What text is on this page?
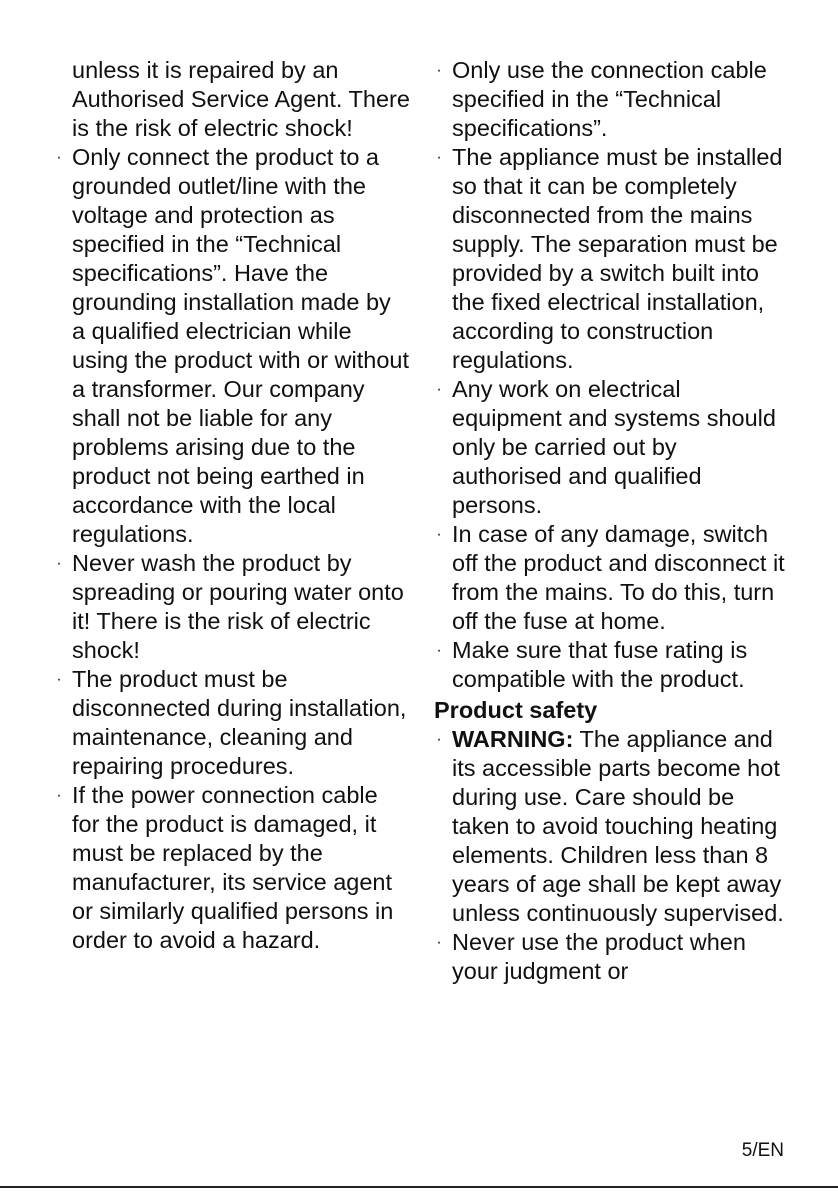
unless it is repaired by an Authorised Service Agent. There is the risk of electric shock!
· Only connect the product to a grounded outlet/line with the voltage and protection as specified in the “Technical specifications”. Have the grounding installation made by a qualified electrician while using the product with or without a transformer. Our company shall not be liable for any problems arising due to the product not being earthed in accordance with the local regulations.
· Never wash the product by spreading or pouring water onto it! There is the risk of electric shock!
· The product must be disconnected during installation, maintenance, cleaning and repairing procedures.
· If the power connection cable for the product is damaged, it must be replaced by the manufacturer, its service agent or similarly qualified persons in order to avoid a hazard.
· Only use the connection cable specified in the “Technical specifications”.
· The appliance must be installed so that it can be completely disconnected from the mains supply. The separation must be provided by a switch built into the fixed electrical installation, according to construction regulations.
· Any work on electrical equipment and systems should only be carried out by authorised and qualified persons.
· In case of any damage, switch off the product and disconnect it from the mains. To do this, turn off the fuse at home.
· Make sure that fuse rating is compatible with the product.
Product safety
· WARNING: The appliance and its accessible parts become hot during use. Care should be taken to avoid touching heating elements. Children less than 8 years of age shall be kept away unless continuously supervised.
· Never use the product when your judgment or
5/EN
